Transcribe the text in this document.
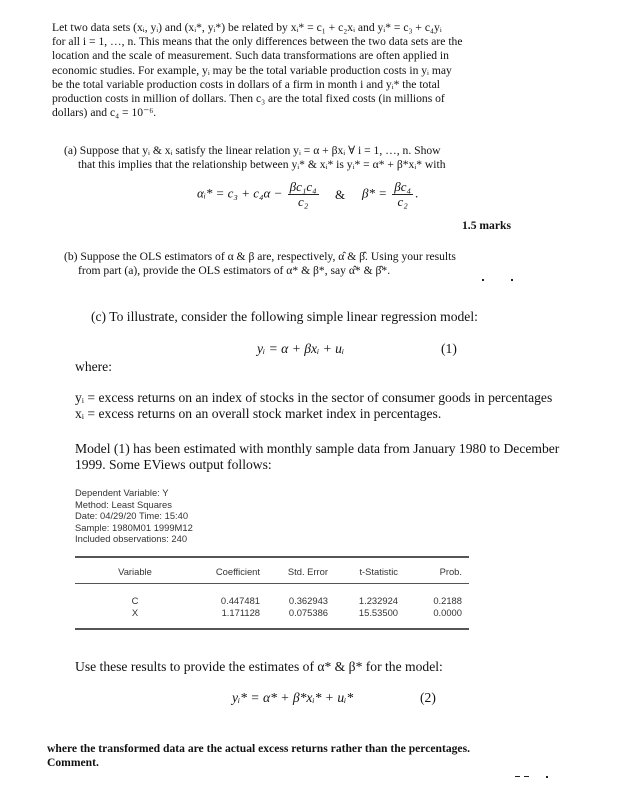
Let two data sets (xᵢ, yᵢ) and (xᵢ*, yᵢ*) be related by xᵢ* = c₁ + c₂xᵢ and yᵢ* = c₃ + c₄yᵢ
for all i = 1, …, n. This means that the only differences between the two data sets are the
location and the scale of measurement. Such data transformations are often applied in
economic studies. For example, yᵢ may be the total variable production costs in yᵢ may
be the total variable production costs in dollars of a firm in month i and yᵢ* the total
production costs in million of dollars. Then c₃ are the total fixed costs (in millions of
dollars) and c₄ = 10⁻⁶.
(a) Suppose that yᵢ & xᵢ satisfy the linear relation yᵢ = α + βxᵢ ∀ i = 1, …, n. Show
that this implies that the relationship between yᵢ* & xᵢ* is yᵢ* = α* + β*xᵢ* with
αᵢ* = $c_3 + c_4\alpha - \frac{\text{βc₁c₄}}{\text{c₂}}$ & $\beta* = \frac{\text{βc₄}}{\text{c₂}}$ .
1.5 marks
(b) Suppose the OLS estimators of α & β are, respectively, α̂ & β̂. Using your results
from part (a), provide the OLS estimators of α* & β*, say α̂* & β̂*.
(c) To illustrate, consider the following simple linear regression model:
yᵢ = α + βxᵢ + uᵢ	(1)
where:
yᵢ = excess returns on an index of stocks in the sector of consumer goods in percentages
xᵢ = excess returns on an overall stock market index in percentages.
Model (1) has been estimated with monthly sample data from January 1980 to December
1999. Some EViews output follows:
Dependent Variable: Y
Method: Least Squares
Date: 04/29/20 Time: 15:40
Sample: 1980M01 1999M12
Included observations: 240
Variable	Coefficient	Std. Error	t-Statistic	Prob.
C	0.447481	0.362943	1.232924	0.2188
X	1.171128	0.075386	15.53500	0.0000
Use these results to provide the estimates of α* & β* for the model:
yᵢ* = α* + β*xᵢ* + uᵢ*	(2)
where the transformed data are the actual excess returns rather than the percentages.
Comment.
